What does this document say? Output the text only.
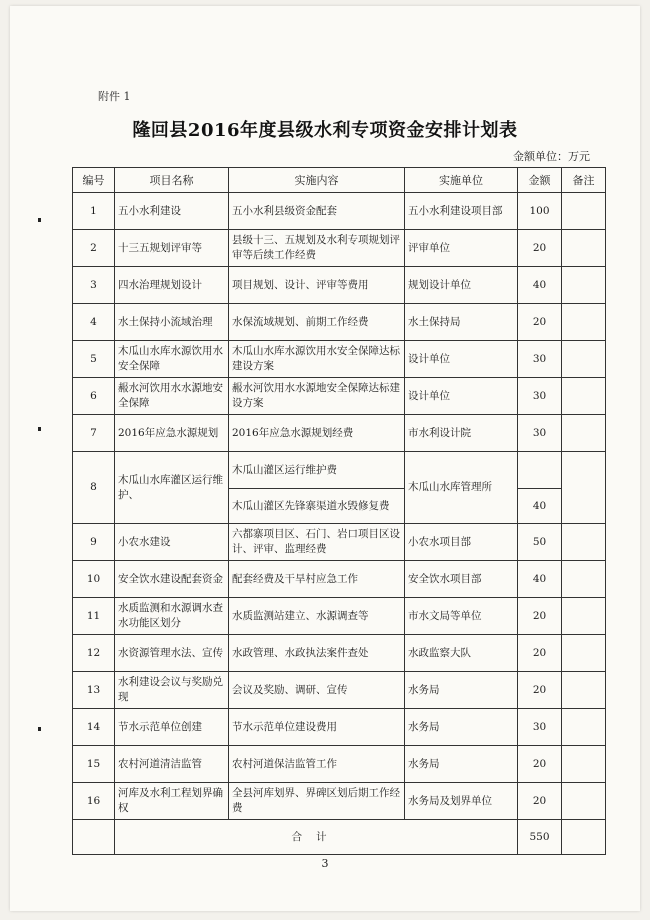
附件 1
隆回县2016年度县级水利专项资金安排计划表
金额单位：万元
编号	项目名称	实施内容	实施单位	金额	备注
1	五小水利建设	五小水利县级资金配套	五小水利建设项目部	100	
2	十三五规划评审等	县级十三、五规划及水利专项规划评审等后续工作经费	评审单位	20	
3	四水治理规划设计	项目规划、设计、评审等费用	规划设计单位	40	
4	水土保持小流域治理	水保流域规划、前期工作经费	水土保持局	20	
5	木瓜山水库水源饮用水安全保障	木瓜山水库水源饮用水安全保障达标建设方案	设计单位	30	
6	赧水河饮用水水源地安全保障	赧水河饮用水水源地安全保障达标建设方案	设计单位	30	
7	2016年应急水源规划	2016年应急水源规划经费	市水利设计院	30	
8	木瓜山水库灌区运行维护、	木瓜山灌区运行维护费	木瓜山水库管理所		
		木瓜山灌区先锋寨渠道水毁修复费		40	
9	小农水建设	六都寨项目区、石门、岩口项目区设计、评审、监理经费	小农水项目部	50	
10	安全饮水建设配套资金	配套经费及干旱村应急工作	安全饮水项目部	40	
11	水质监测和水源调水查水功能区划分	水质监测站建立、水源调查等	市水文局等单位	20	
12	水资源管理水法、宣传	水政管理、水政执法案件查处	水政监察大队	20	
13	水利建设会议与奖励兑现	会议及奖励、调研、宣传	水务局	20	
14	节水示范单位创建	节水示范单位建设费用	水务局	30	
15	农村河道清洁监管	农村河道保洁监管工作	水务局	20	
16	河库及水利工程划界确权	全县河库划界、界碑区划后期工作经费	水务局及划界单位	20	
	合计			550	
3
